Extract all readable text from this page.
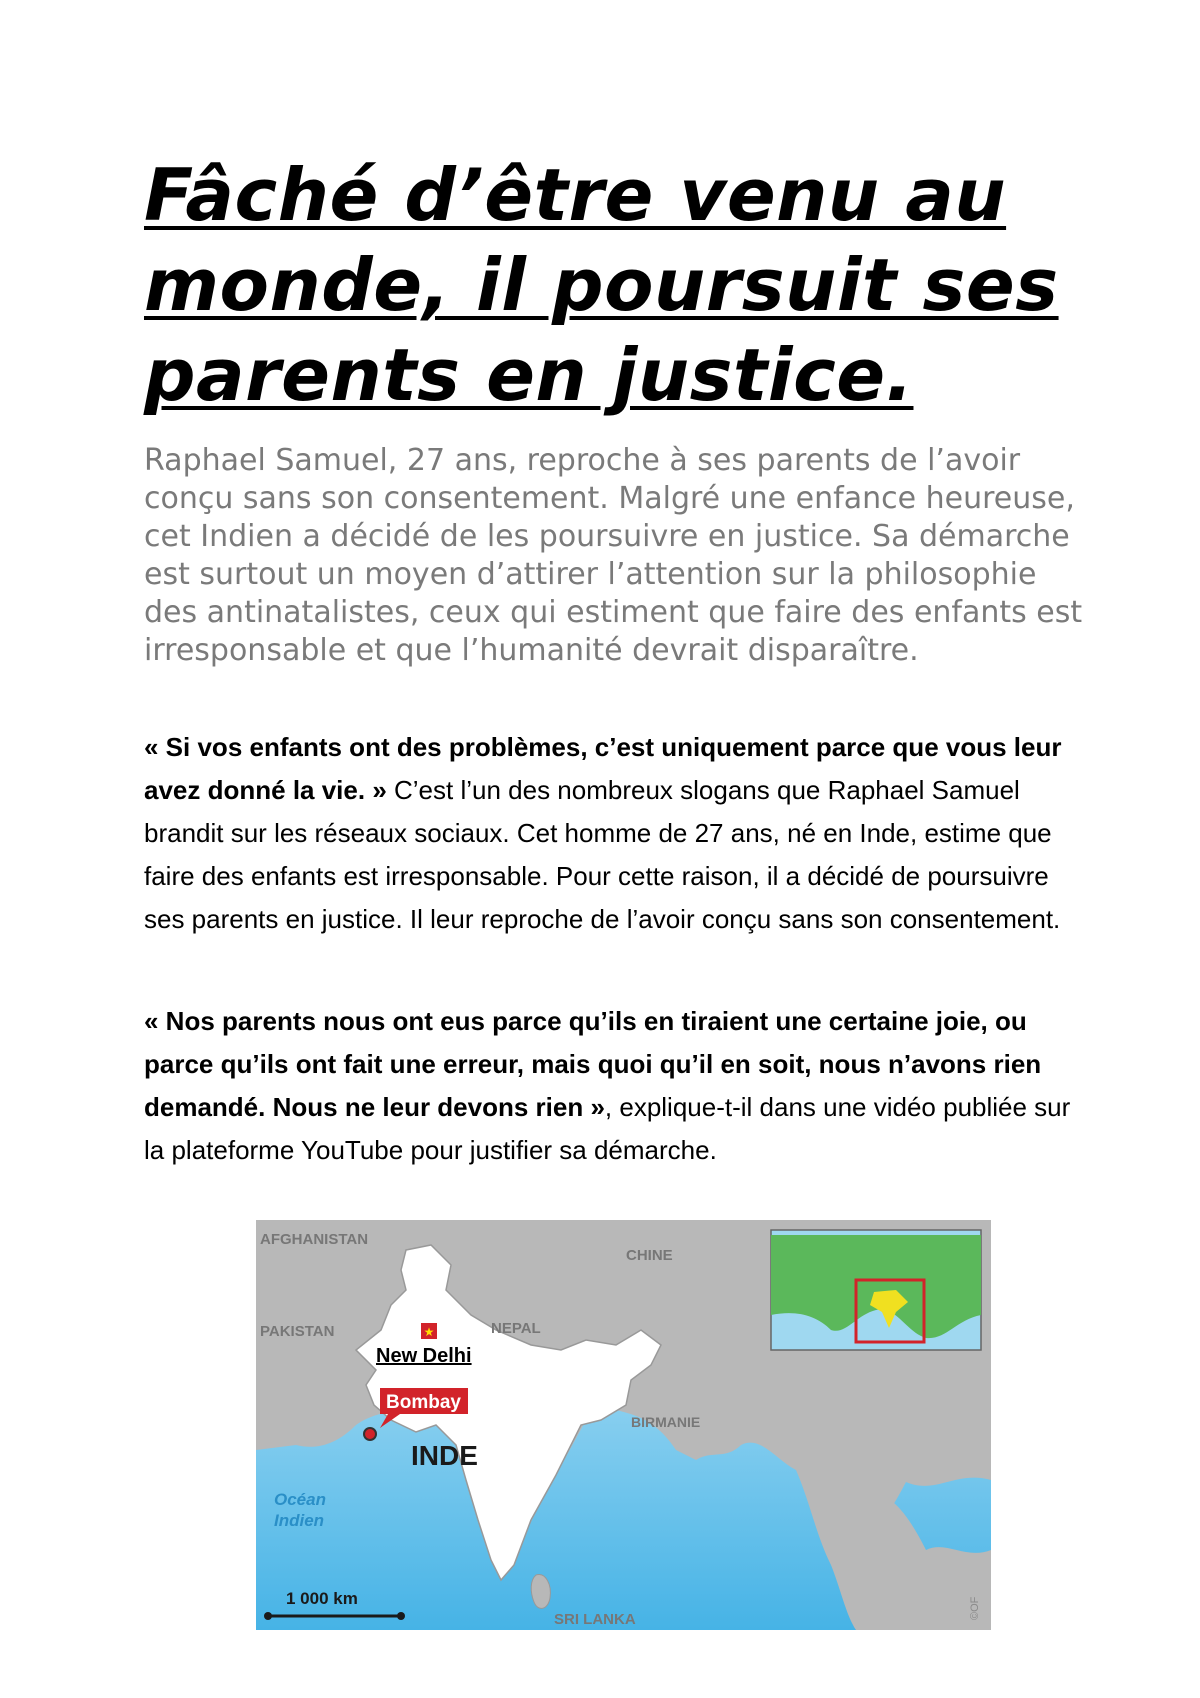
Fâché d’être venu au monde, il poursuit ses parents en justice.

Raphael Samuel, 27 ans, reproche à ses parents de l’avoir conçu sans son consentement. Malgré une enfance heureuse, cet Indien a décidé de les poursuivre en justice. Sa démarche est surtout un moyen d’attirer l’attention sur la philosophie des antinatalistes, ceux qui estiment que faire des enfants est irresponsable et que l’humanité devrait disparaître.

« Si vos enfants ont des problèmes, c’est uniquement parce que vous leur avez donné la vie. » C’est l’un des nombreux slogans que Raphael Samuel brandit sur les réseaux sociaux. Cet homme de 27 ans, né en Inde, estime que faire des enfants est irresponsable. Pour cette raison, il a décidé de poursuivre ses parents en justice. Il leur reproche de l’avoir conçu sans son consentement.

« Nos parents nous ont eus parce qu’ils en tiraient une certaine joie, ou parce qu’ils ont fait une erreur, mais quoi qu’il en soit, nous n’avons rien demandé. Nous ne leur devons rien », explique-t-il dans une vidéo publiée sur la plateforme YouTube pour justifier sa démarche.

★
AFGHANISTAN
PAKISTAN
CHINE
NEPAL
New Delhi
Bombay
INDE
BIRMANIE
Océan
Indien
1 000 km
SRI LANKA	©OF
